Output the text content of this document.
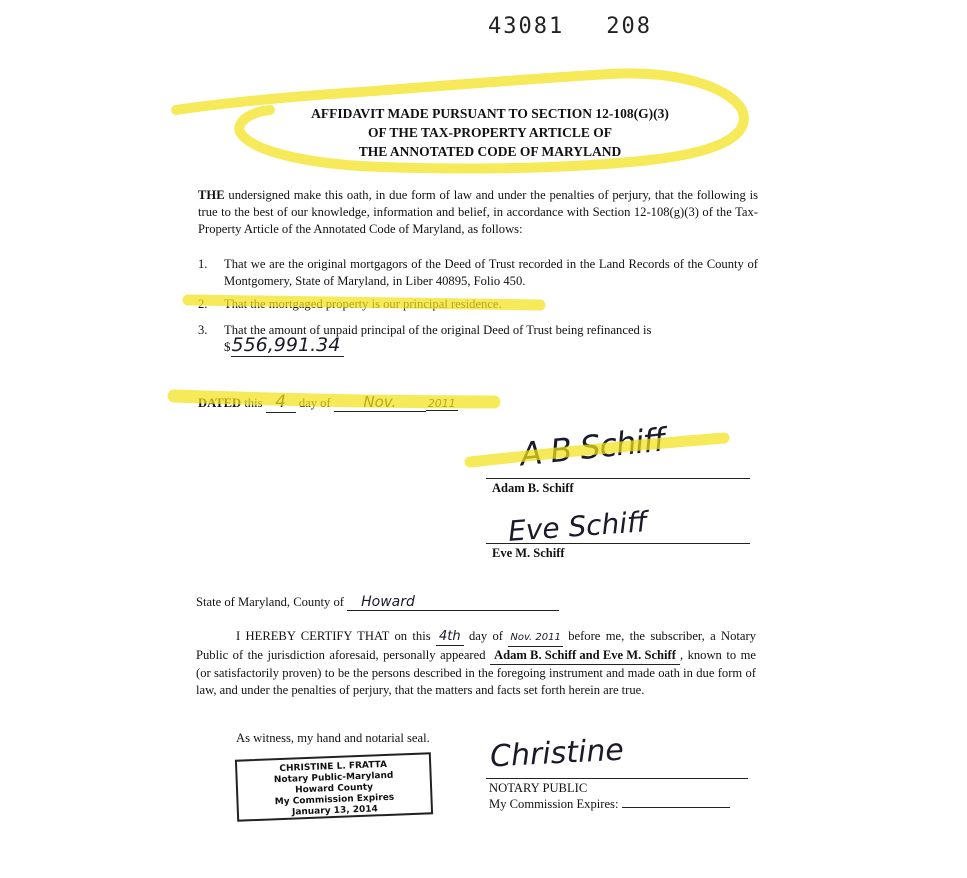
43081 208
AFFIDAVIT MADE PURSUANT TO SECTION 12-108(G)(3)
OF THE TAX-PROPERTY ARTICLE OF
THE ANNOTATED CODE OF MARYLAND
THE undersigned make this oath, in due form of law and under the penalties of perjury, that the following is true to the best of our knowledge, information and belief, in accordance with Section 12-108(g)(3) of the Tax-Property Article of the Annotated Code of Maryland, as follows:
1. That we are the original mortgagors of the Deed of Trust recorded in the Land Records of the County of Montgomery, State of Maryland, in Liber 40895, Folio 450.
2. That the mortgaged property is our principal residence.
3. That the amount of unpaid principal of the original Deed of Trust being refinanced is
$556,991.34
DATED this 4 day of Nov.	2011
A B Schiff
Adam B. Schiff
Eve Schiff
Eve M. Schiff
State of Maryland, County of Howard
I HEREBY CERTIFY THAT on this 4th day of Nov. 2011 before me, the subscriber, a Notary Public of the jurisdiction aforesaid, personally appeared Adam B. Schiff and Eve M. Schiff , known to me (or satisfactorily proven) to be the persons described in the foregoing instrument and made oath in due form of law, and under the penalties of perjury, that the matters and facts set forth herein are true.
As witness, my hand and notarial seal.
CHRISTINE L. FRATTA
Notary Public-Maryland
Howard County
My Commission Expires
January 13, 2014
Christine
NOTARY PUBLIC
My Commission Expires:
